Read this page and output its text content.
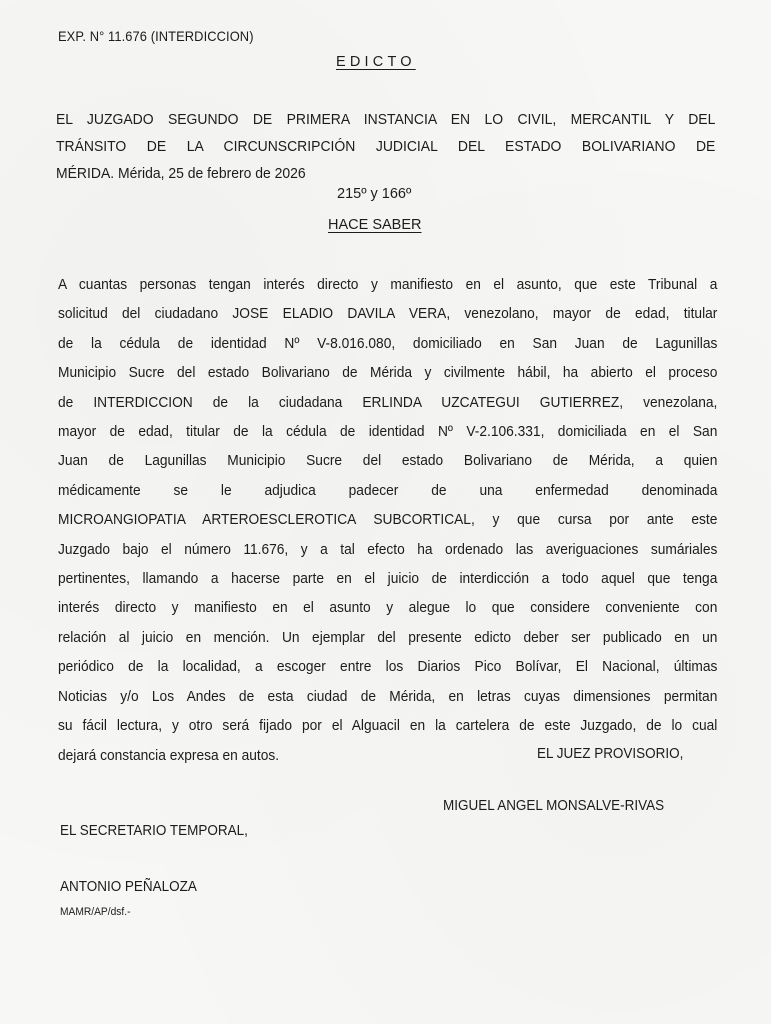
EXP. N° 11.676 (INTERDICCION)
EDICTO
EL JUZGADO SEGUNDO DE PRIMERA INSTANCIA EN LO CIVIL, MERCANTIL Y DEL
TRÁNSITO DE LA CIRCUNSCRIPCIÓN JUDICIAL DEL ESTADO BOLIVARIANO DE
MÉRIDA. Mérida, 25 de febrero de 2026
215º y 166º
HACE SABER
A cuantas personas tengan interés directo y manifiesto en el asunto, que este Tribunal a
solicitud del ciudadano JOSE ELADIO DAVILA VERA, venezolano, mayor de edad, titular
de la cédula de identidad Nº V-8.016.080, domiciliado en San Juan de Lagunillas
Municipio Sucre del estado Bolivariano de Mérida y civilmente hábil, ha abierto el proceso
de INTERDICCION de la ciudadana ERLINDA UZCATEGUI GUTIERREZ, venezolana,
mayor de edad, titular de la cédula de identidad Nº V-2.106.331, domiciliada en el San
Juan de Lagunillas Municipio Sucre del estado Bolivariano de Mérida, a quien
médicamente se le adjudica padecer de una enfermedad denominada
MICROANGIOPATIA ARTEROESCLEROTICA SUBCORTICAL, y que cursa por ante este
Juzgado bajo el número 11.676, y a tal efecto ha ordenado las averiguaciones sumáriales
pertinentes, llamando a hacerse parte en el juicio de interdicción a todo aquel que tenga
interés directo y manifiesto en el asunto y alegue lo que considere conveniente con
relación al juicio en mención. Un ejemplar del presente edicto deber ser publicado en un
periódico de la localidad, a escoger entre los Diarios Pico Bolívar, El Nacional, últimas
Noticias y/o Los Andes de esta ciudad de Mérida, en letras cuyas dimensiones permitan
su fácil lectura, y otro será fijado por el Alguacil en la cartelera de este Juzgado, de lo cual
dejará constancia expresa en autos.	EL JUEZ PROVISORIO,
MIGUEL ANGEL MONSALVE-RIVAS
EL SECRETARIO TEMPORAL,
ANTONIO PEÑALOZA
MAMR/AP/dsf.-
